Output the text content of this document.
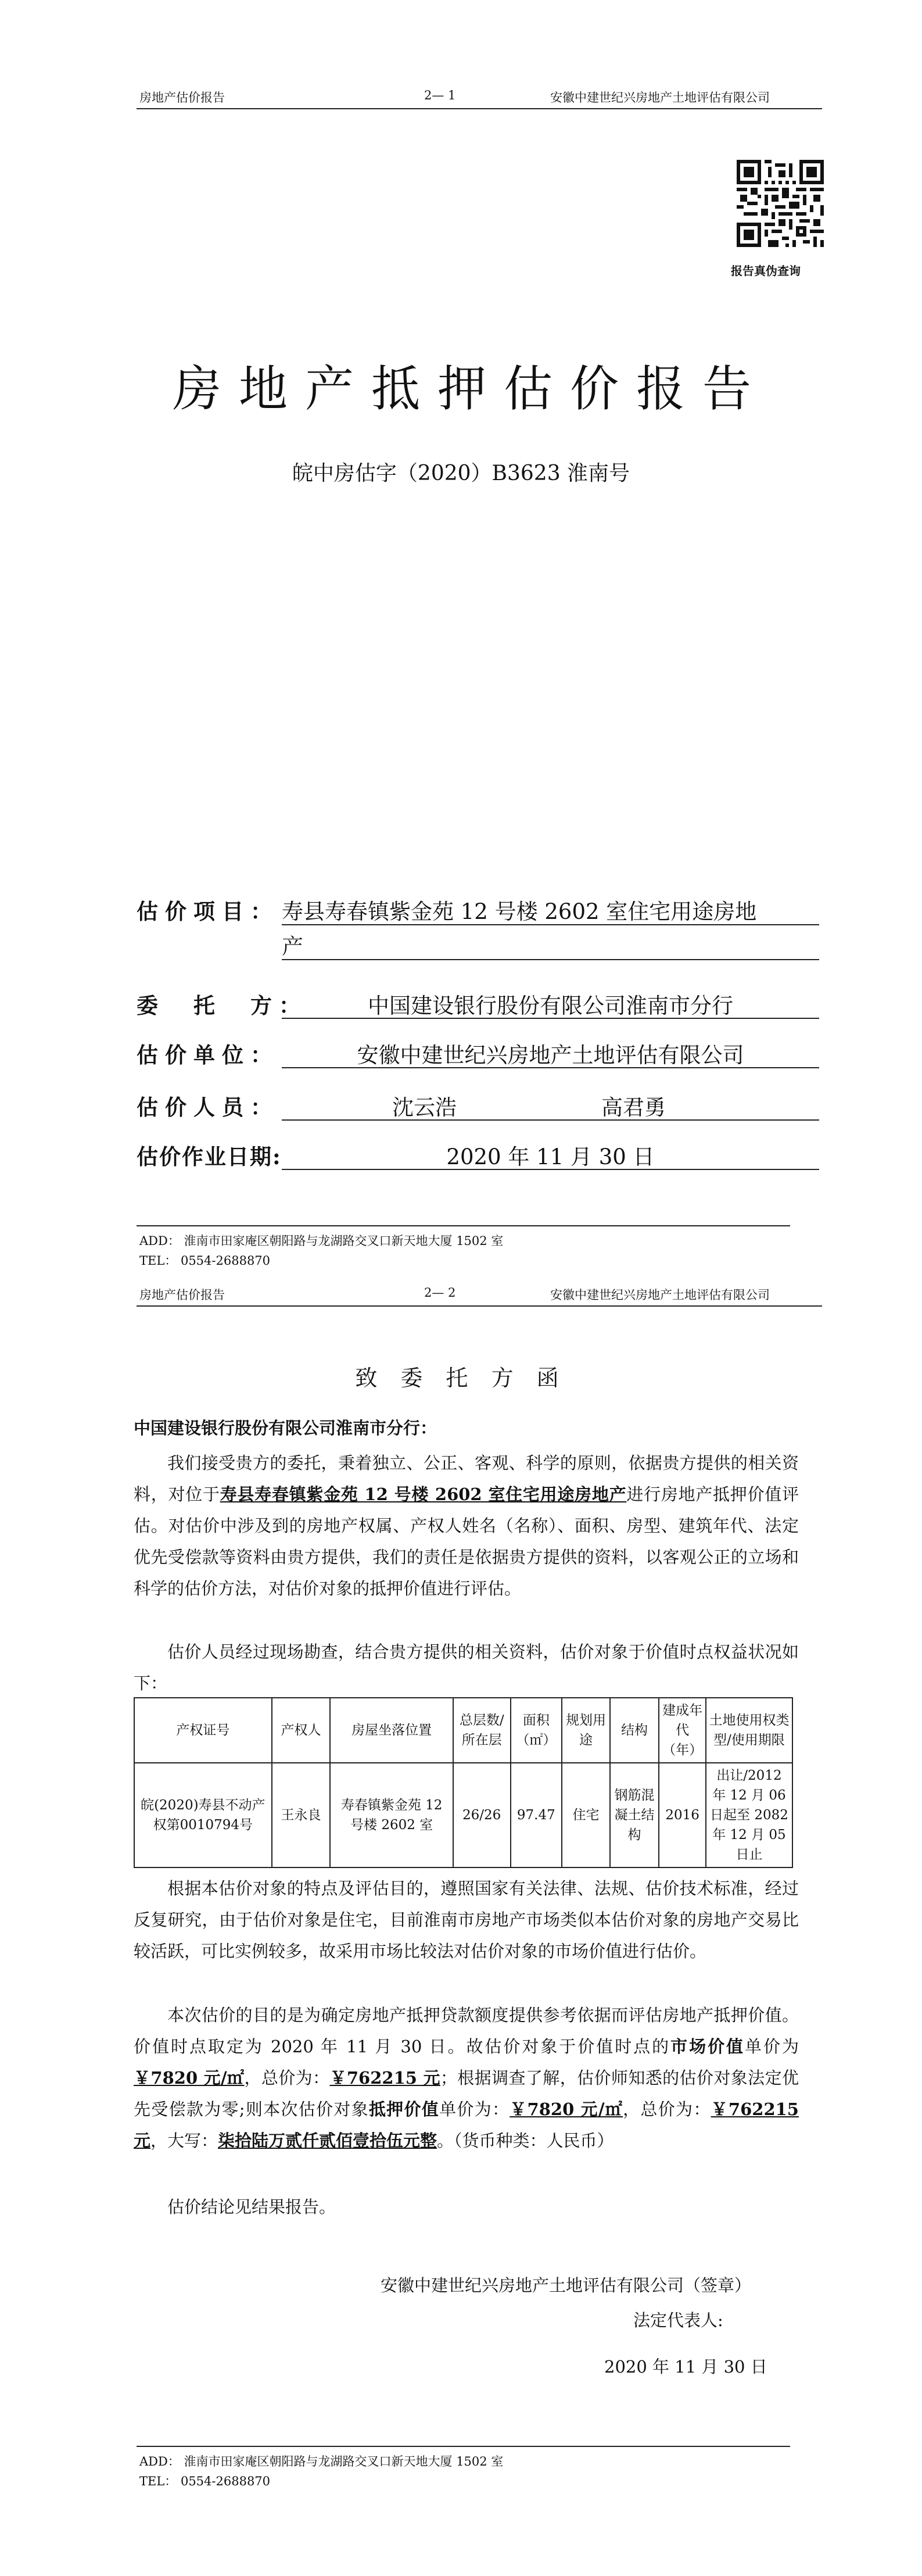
房地产估价报告	2— 1	安徽中建世纪兴房地产土地评估有限公司
报告真伪查询
房地产抵押估价报告
皖中房估字（2020）B3623 淮南号
估价项目： 寿县寿春镇紫金苑 12 号楼 2602 室住宅用途房地
产
委　托　方：	中国建设银行股份有限公司淮南市分行
估价单位：	安徽中建世纪兴房地产土地评估有限公司
估价人员：	沈云浩	高君勇
估价作业日期:	2020 年 11 月 30 日
ADD： 淮南市田家庵区朝阳路与龙湖路交叉口新天地大厦 1502 室
TEL： 0554-2688870
房地产估价报告	2— 2	安徽中建世纪兴房地产土地评估有限公司
致 委 托 方 函
中国建设银行股份有限公司淮南市分行：
我们接受贵方的委托，秉着独立、公正、客观、科学的原则，依据贵方提供的相关资料，对位于寿县寿春镇紫金苑 12 号楼 2602 室住宅用途房地产进行房地产抵押价值评估。对估价中涉及到的房地产权属、产权人姓名（名称）、面积、房型、建筑年代、法定优先受偿款等资料由贵方提供，我们的责任是依据贵方提供的资料，以客观公正的立场和科学的估价方法，对估价对象的抵押价值进行评估。
估价人员经过现场勘查，结合贵方提供的相关资料，估价对象于价值时点权益状况如下：
产权证号	产权人	房屋坐落位置	总层数/所在层	面积（㎡）	规划用途	结构	建成年代（年）	土地使用权类型/使用期限
皖(2020)寿县不动产权第0010794号	王永良	寿春镇紫金苑 12 号楼 2602 室	26/26	97.47	住宅	钢筋混凝土结构	2016	出让/2012 年 12 月 06 日起至 2082 年 12 月 05 日止
根据本估价对象的特点及评估目的，遵照国家有关法律、法规、估价技术标准，经过反复研究，由于估价对象是住宅，目前淮南市房地产市场类似本估价对象的房地产交易比较活跃，可比实例较多，故采用市场比较法对估价对象的市场价值进行估价。
本次估价的目的是为确定房地产抵押贷款额度提供参考依据而评估房地产抵押价值。价值时点取定为 2020 年 11 月 30 日。故估价对象于价值时点的市场价值单价为￥7820 元/㎡，总价为：￥762215 元；根据调查了解，估价师知悉的估价对象法定优先受偿款为零;则本次估价对象抵押价值单价为：￥7820 元/㎡，总价为：￥762215 元，大写：柒拾陆万贰仟贰佰壹拾伍元整。（货币种类：人民币）
估价结论见结果报告。
安徽中建世纪兴房地产土地评估有限公司（签章）
法定代表人:
2020 年 11 月 30 日
ADD： 淮南市田家庵区朝阳路与龙湖路交叉口新天地大厦 1502 室
TEL： 0554-2688870
